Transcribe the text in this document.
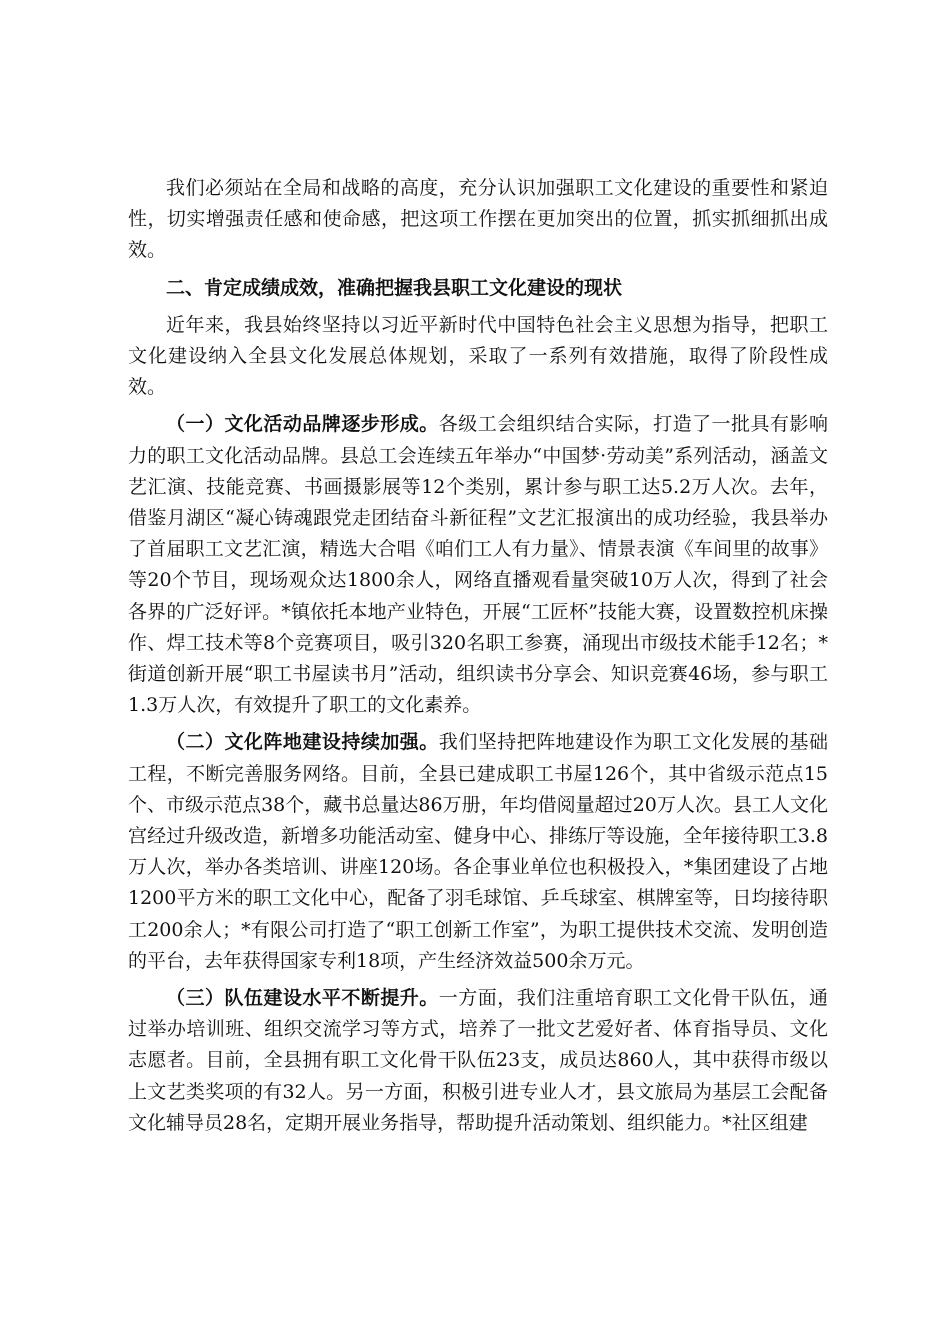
我们必须站在全局和战略的高度，充分认识加强职工文化建设的重要性和紧迫性，切实增强责任感和使命感，把这项工作摆在更加突出的位置，抓实抓细抓出成效。

二、肯定成绩成效，准确把握我县职工文化建设的现状

近年来，我县始终坚持以习近平新时代中国特色社会主义思想为指导，把职工文化建设纳入全县文化发展总体规划，采取了一系列有效措施，取得了阶段性成效。

（一）文化活动品牌逐步形成。各级工会组织结合实际，打造了一批具有影响力的职工文化活动品牌。县总工会连续五年举办“中国梦·劳动美”系列活动，涵盖文艺汇演、技能竞赛、书画摄影展等12个类别，累计参与职工达5.2万人次。去年，借鉴月湖区“凝心铸魂跟党走团结奋斗新征程”文艺汇报演出的成功经验，我县举办了首届职工文艺汇演，精选大合唱《咱们工人有力量》、情景表演《车间里的故事》等20个节目，现场观众达1800余人，网络直播观看量突破10万人次，得到了社会各界的广泛好评。*镇依托本地产业特色，开展“工匠杯”技能大赛，设置数控机床操作、焊工技术等8个竞赛项目，吸引320名职工参赛，涌现出市级技术能手12名；*街道创新开展“职工书屋读书月”活动，组织读书分享会、知识竞赛46场，参与职工1.3万人次，有效提升了职工的文化素养。

（二）文化阵地建设持续加强。我们坚持把阵地建设作为职工文化发展的基础工程，不断完善服务网络。目前，全县已建成职工书屋126个，其中省级示范点15个、市级示范点38个，藏书总量达86万册，年均借阅量超过20万人次。县工人文化宫经过升级改造，新增多功能活动室、健身中心、排练厅等设施，全年接待职工3.8万人次，举办各类培训、讲座120场。各企事业单位也积极投入，*集团建设了占地1200平方米的职工文化中心，配备了羽毛球馆、乒乓球室、棋牌室等，日均接待职工200余人；*有限公司打造了“职工创新工作室”，为职工提供技术交流、发明创造的平台，去年获得国家专利18项，产生经济效益500余万元。

（三）队伍建设水平不断提升。一方面，我们注重培育职工文化骨干队伍，通过举办培训班、组织交流学习等方式，培养了一批文艺爱好者、体育指导员、文化志愿者。目前，全县拥有职工文化骨干队伍23支，成员达860人，其中获得市级以上文艺类奖项的有32人。另一方面，积极引进专业人才，县文旅局为基层工会配备文化辅导员28名，定期开展业务指导，帮助提升活动策划、组织能力。*社区组建
